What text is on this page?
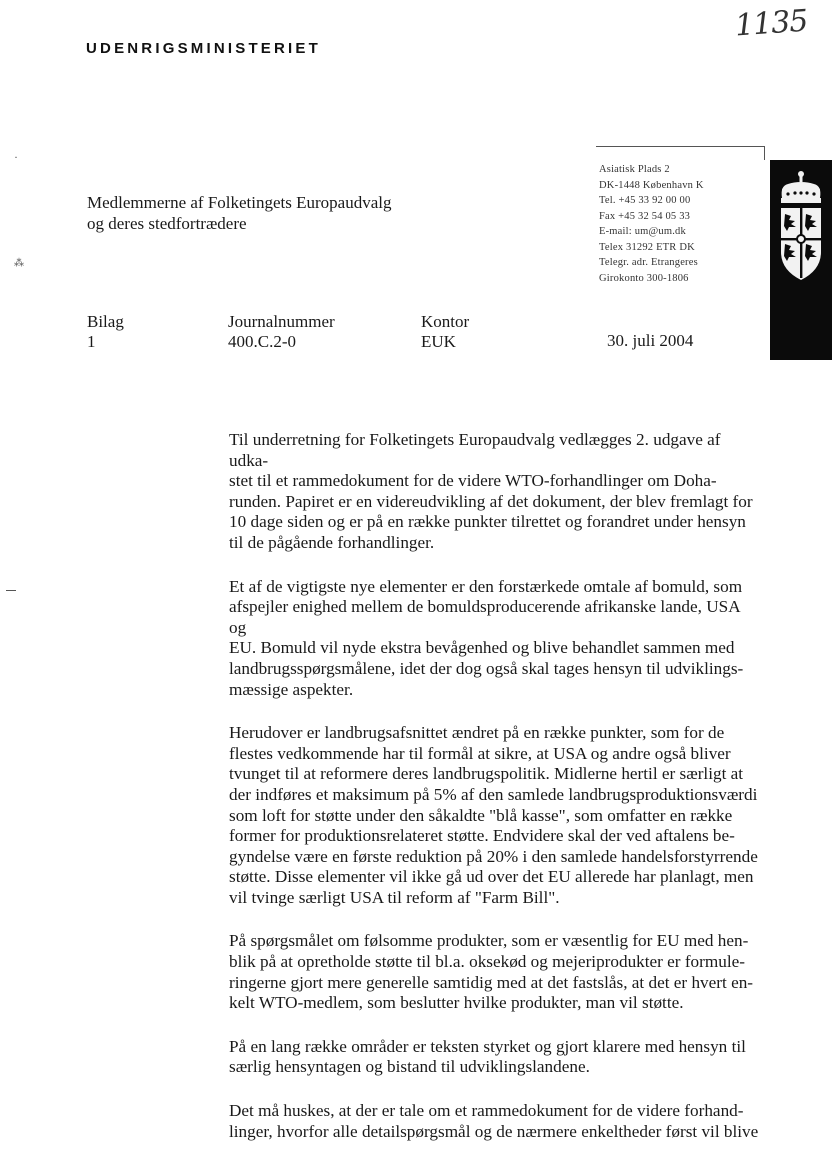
UDENRIGSMINISTERIET
1135
·
⁂
Medlemmerne af Folketingets Europaudvalg
og deres stedfortrædere
Asiatisk Plads 2
DK-1448 København K
Tel. +45 33 92 00 00
Fax +45 32 54 05 33
E-mail: um@um.dk
Telex 31292 ETR DK
Telegr. adr. Etrangeres
Girokonto 300-1806
Bilag
1
Journalnummer
400.C.2-0
Kontor
EUK	30. juli 2004

Til underretning for Folketingets Europaudvalg vedlægges 2. udgave af udka-
stet til et rammedokument for de videre WTO-forhandlinger om Doha-
runden. Papiret er en videreudvikling af det dokument, der blev fremlagt for
10 dage siden og er på en række punkter tilrettet og forandret under hensyn
til de pågående forhandlinger.

Et af de vigtigste nye elementer er den forstærkede omtale af bomuld, som
afspejler enighed mellem de bomuldsproducerende afrikanske lande, USA og
EU. Bomuld vil nyde ekstra bevågenhed og blive behandlet sammen med
landbrugsspørgsmålene, idet der dog også skal tages hensyn til udviklings-
mæssige aspekter.

Herudover er landbrugsafsnittet ændret på en række punkter, som for de
flestes vedkommende har til formål at sikre, at USA og andre også bliver
tvunget til at reformere deres landbrugspolitik. Midlerne hertil er særligt at
der indføres et maksimum på 5% af den samlede landbrugsproduktionsværdi
som loft for støtte under den såkaldte "blå kasse", som omfatter en række
former for produktionsrelateret støtte. Endvidere skal der ved aftalens be-
gyndelse være en første reduktion på 20% i den samlede handelsforstyrrende
støtte. Disse elementer vil ikke gå ud over det EU allerede har planlagt, men
vil tvinge særligt USA til reform af "Farm Bill".

På spørgsmålet om følsomme produkter, som er væsentlig for EU med hen-
blik på at opretholde støtte til bl.a. oksekød og mejeriprodukter er formule-
ringerne gjort mere generelle samtidig med at det fastslås, at det er hvert en-
kelt WTO-medlem, som beslutter hvilke produkter, man vil støtte.

På en lang række områder er teksten styrket og gjort klarere med hensyn til
særlig hensyntagen og bistand til udviklingslandene.

Det må huskes, at der er tale om et rammedokument for de videre forhand-
linger, hvorfor alle detailspørgsmål og de nærmere enkeltheder først vil blive
